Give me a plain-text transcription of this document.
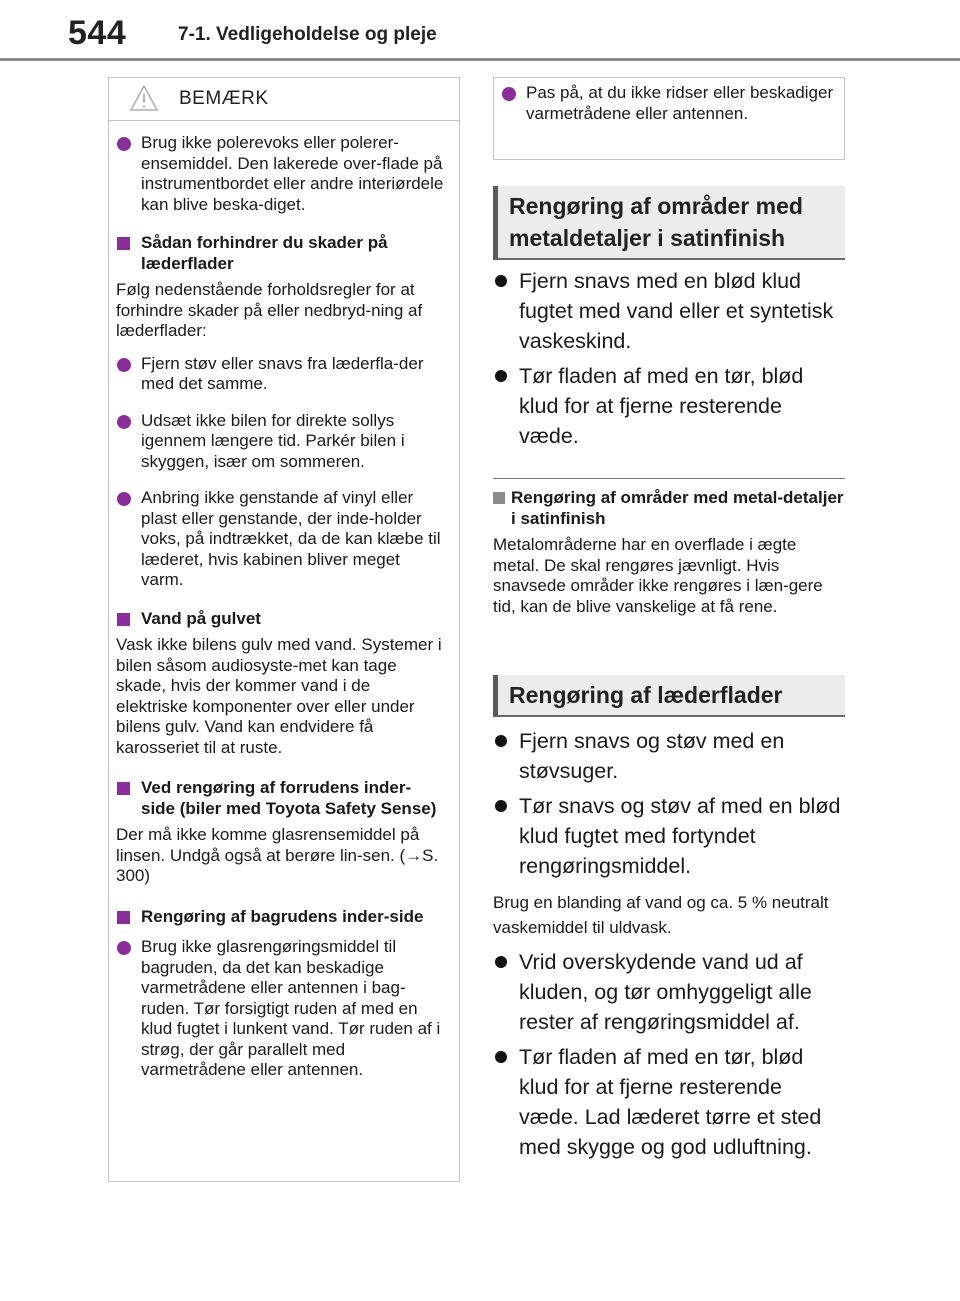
544	7-1. Vedligeholdelse og pleje
BEMÆRK
Brug ikke polerevoks eller polerer-ensemiddel. Den lakerede over-flade på instrumentbordet eller andre interiørdele kan blive beska-diget.
Sådan forhindrer du skader på læderflader
Følg nedenstående forholdsregler for at forhindre skader på eller nedbryd-ning af læderflader:
Fjern støv eller snavs fra læderfla-der med det samme.
Udsæt ikke bilen for direkte sollys igennem længere tid. Parkér bilen i skyggen, især om sommeren.
Anbring ikke genstande af vinyl eller plast eller genstande, der inde-holder voks, på indtrækket, da de kan klæbe til læderet, hvis kabinen bliver meget varm.
Vand på gulvet
Vask ikke bilens gulv med vand. Systemer i bilen såsom audiosyste-met kan tage skade, hvis der kommer vand i de elektriske komponenter over eller under bilens gulv. Vand kan endvidere få karosseriet til at ruste.
Ved rengøring af forrudens inder-side (biler med Toyota Safety Sense)
Der må ikke komme glasrensemiddel på linsen. Undgå også at berøre lin-sen. (→S. 300)
Rengøring af bagrudens inder-side
Brug ikke glasrengøringsmiddel til bagruden, da det kan beskadige varmetrådene eller antennen i bag-ruden. Tør forsigtigt ruden af med en klud fugtet i lunkent vand. Tør ruden af i strøg, der går parallelt med varmetrådene eller antennen.
Pas på, at du ikke ridser eller beskadiger varmetrådene eller antennen.
Rengøring af områder med metaldetaljer i satinfinish
Fjern snavs med en blød klud fugtet med vand eller et syntetisk vaskeskind.
Tør fladen af med en tør, blød klud for at fjerne resterende væde.
Rengøring af områder med metal-detaljer i satinfinish
Metalområderne har en overflade i ægte metal. De skal rengøres jævnligt. Hvis snavsede områder ikke rengøres i læn-gere tid, kan de blive vanskelige at få rene.
Rengøring af læderflader
Fjern snavs og støv med en støvsuger.
Tør snavs og støv af med en blød klud fugtet med fortyndet rengøringsmiddel.
Brug en blanding af vand og ca. 5 % neutralt vaskemiddel til uldvask.
Vrid overskydende vand ud af kluden, og tør omhyggeligt alle rester af rengøringsmiddel af.
Tør fladen af med en tør, blød klud for at fjerne resterende væde. Lad læderet tørre et sted med skygge og god udluftning.
